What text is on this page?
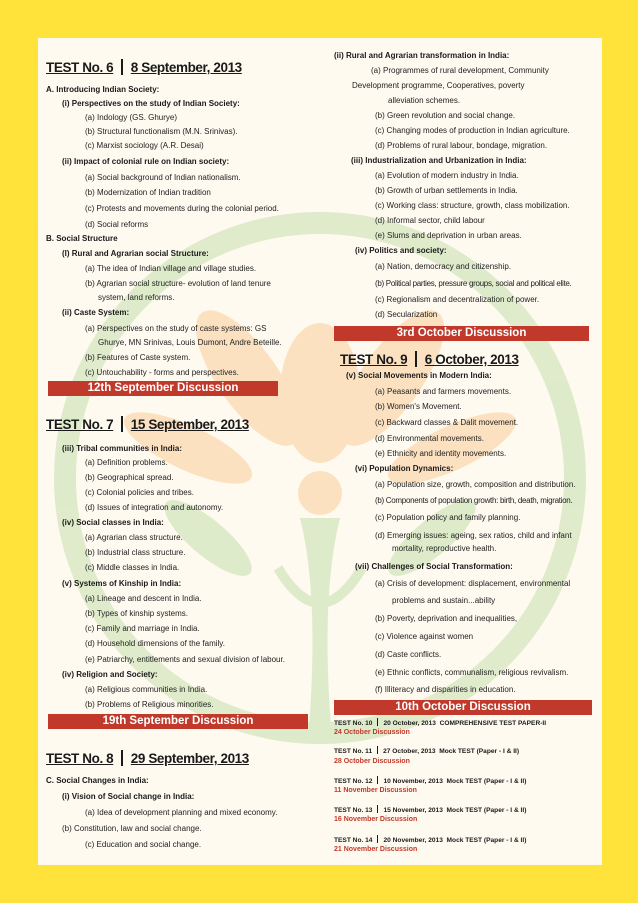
TEST No. 6 8 September, 2013
A. Introducing Indian Society:
(i) Perspectives on the study of Indian Society:
(a) Indology (GS. Ghurye)
(b) Structural functionalism (M.N. Srinivas).
(c) Marxist sociology (A.R. Desai)
(ii) Impact of colonial rule on Indian society:
(a) Social background of Indian nationalism.
(b) Modernization of Indian tradition
(c) Protests and movements during the colonial period.
(d) Social reforms
B. Social Structure
(I) Rural and Agrarian social Structure:
(a) The idea of Indian village and village studies.
(b) Agrarian social structure- evolution of land tenure
system, land reforms.
(ii) Caste System:
(a) Perspectives on the study of caste systems: GS
Ghurye, MN Srinivas, Louis Dumont, Andre Beteille.
(b) Features of Caste system.
(c) Untouchability - forms and perspectives.
12th September Discussion
TEST No. 7 15 September, 2013
(iii) Tribal communities in India:
(a) Definition problems.
(b) Geographical spread.
(c) Colonial policies and tribes.
(d) Issues of integration and autonomy.
(iv) Social classes in India:
(a) Agrarian class structure.
(b) Industrial class structure.
(c) Middle classes in India.
(v) Systems of Kinship in India:
(a) Lineage and descent in India.
(b) Types of kinship systems.
(c) Family and marriage in India.
(d) Household dimensions of the family.
(e) Patriarchy, entitlements and sexual division of labour.
(iv) Religion and Society:
(a) Religious communities in India.
(b) Problems of Religious minorities.
19th September Discussion
TEST No. 8 29 September, 2013
C. Social Changes in India:
(i) Vision of Social change in India:
(a) Idea of development planning and mixed economy.
(b) Constitution, law and social change.
(c) Education and social change.
(ii) Rural and Agrarian transformation in India:
(a) Programmes of rural development, Community
Development programme, Cooperatives, poverty
alleviation schemes.
(b) Green revolution and social change.
(c) Changing modes of production in Indian agriculture.
(d) Problems of rural labour, bondage, migration.
(iii) Industrialization and Urbanization in India:
(a) Evolution of modern industry in India.
(b) Growth of urban settlements in India.
(c) Working class: structure, growth, class mobilization.
(d) Informal sector, child labour
(e) Slums and deprivation in urban areas.
(iv) Politics and society:
(a) Nation, democracy and citizenship.
(b) Political parties, pressure groups, social and political elite.
(c) Regionalism and decentralization of power.
(d) Secularization
3rd October Discussion
TEST No. 9 6 October, 2013
(v) Social Movements in Modern India:
(a) Peasants and farmers movements.
(b) Women's Movement.
(c) Backward classes & Dalit movement.
(d) Environmental movements.
(e) Ethnicity and identity movements.
(vi) Population Dynamics:
(a) Population size, growth, composition and distribution.
(b) Components of population growth: birth, death, migration.
(c) Population policy and family planning.
(d) Emerging issues: ageing, sex ratios, child and infant
mortality, reproductive health.
(vii) Challenges of Social Transformation:
(a) Crisis of development: displacement, environmental
problems and sustain...ability
(b) Poverty, deprivation and inequalities,
(c) Violence against women
(d) Caste conflicts.
(e) Ethnic conflicts, communalism, religious revivalism.
(f) Illiteracy and disparities in education.
10th October Discussion
TEST No. 10 20 October, 2013 COMPREHENSIVE TEST PAPER-II
24 October Discussion
TEST No. 11 27 October, 2013 Mock TEST (Paper - I & II)
28 October Discussion
TEST No. 12 10 November, 2013 Mock TEST (Paper - I & II)
11 November Discussion
TEST No. 13 15 November, 2013 Mock TEST (Paper - I & II)
16 November Discussion
TEST No. 14 20 November, 2013 Mock TEST (Paper - I & II)
21 November Discussion
